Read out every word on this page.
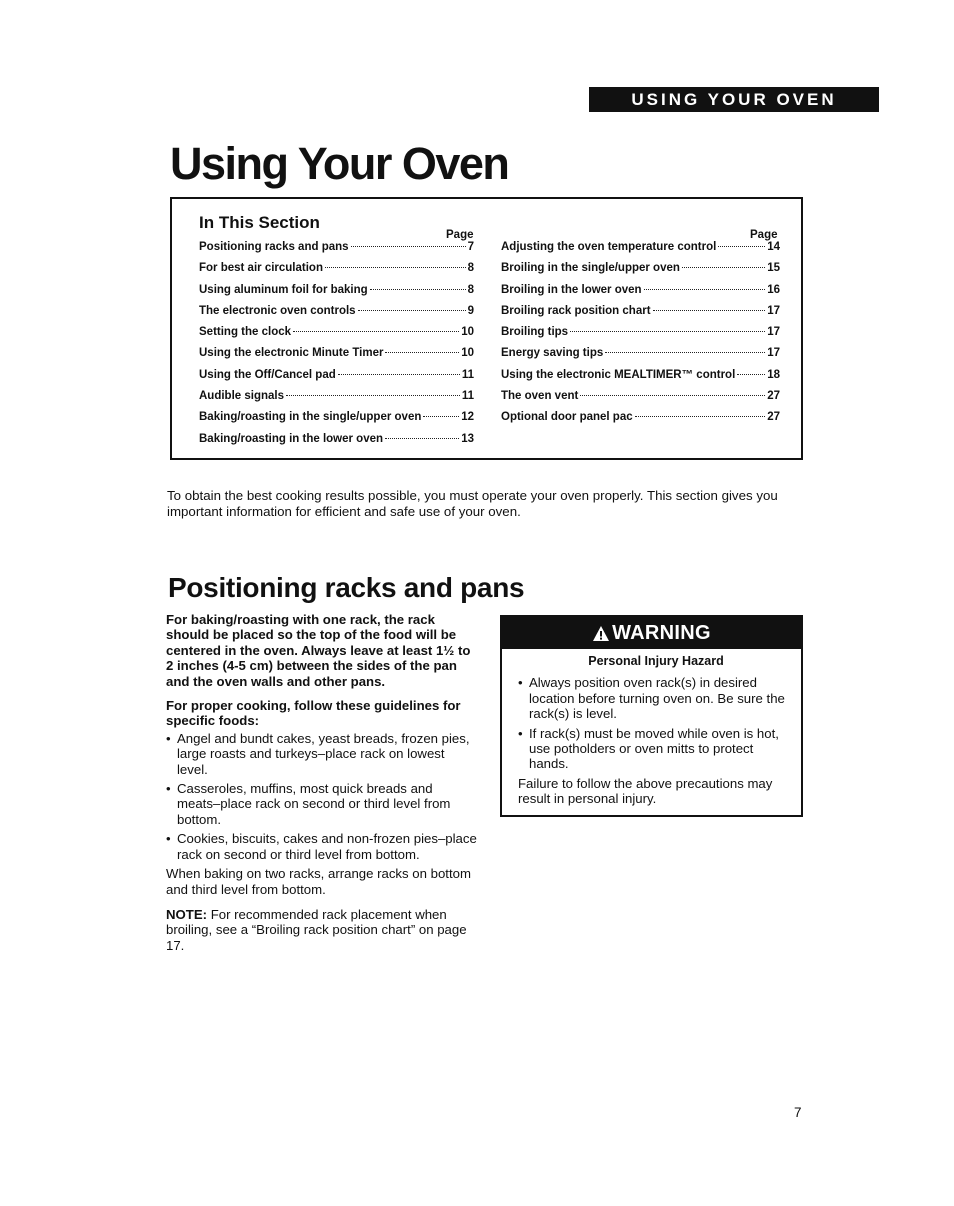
USING YOUR OVEN
Using Your Oven
In This Section
Page	Page
Positioning racks and pans	7
For best air circulation	8
Using aluminum foil for baking	8
The electronic oven controls	9
Setting the clock	10
Using the electronic Minute Timer	10
Using the Off/Cancel pad	11
Audible signals	11
Baking/roasting in the single/upper oven	12
Baking/roasting in the lower oven	13
Adjusting the oven temperature control	14
Broiling in the single/upper oven	15
Broiling in the lower oven	16
Broiling rack position chart	17
Broiling tips	17
Energy saving tips	17
Using the electronic MEALTIMER™ control	18
The oven vent	27
Optional door panel pac	27

To obtain the best cooking results possible, you must operate your oven properly. This section gives you important information for efficient and safe use of your oven.

Positioning racks and pans

For baking/roasting with one rack, the rack should be placed so the top of the food will be centered in the oven. Always leave at least 1½ to 2 inches (4-5 cm) between the sides of the pan and the oven walls and other pans.

For proper cooking, follow these guidelines for specific foods:

• Angel and bundt cakes, yeast breads, frozen pies, large roasts and turkeys–place rack on lowest level.
• Casseroles, muffins, most quick breads and meats–place rack on second or third level from bottom.
• Cookies, biscuits, cakes and non-frozen pies–place rack on second or third level from bottom.

When baking on two racks, arrange racks on bottom and third level from bottom.

NOTE: For recommended rack placement when broiling, see a “Broiling rack position chart” on page 17.

WARNING

Personal Injury Hazard

• Always position oven rack(s) in desired location before turning oven on. Be sure the rack(s) is level.
• If rack(s) must be moved while oven is hot, use potholders or oven mitts to protect hands.

Failure to follow the above precautions may result in personal injury.

7
